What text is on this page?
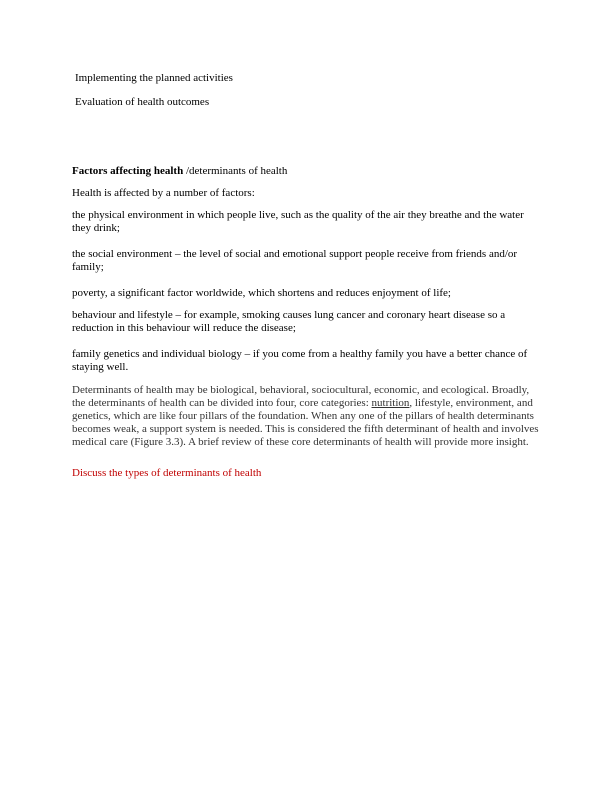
Implementing the planned activities

Evaluation of health outcomes

Factors affecting health /determinants of health

Health is affected by a number of factors:

the physical environment in which people live, such as the quality of the air they breathe and the water they drink;

the social environment – the level of social and emotional support people receive from friends and/or family;

poverty, a significant factor worldwide, which shortens and reduces enjoyment of life;

behaviour and lifestyle – for example, smoking causes lung cancer and coronary heart disease so a reduction in this behaviour will reduce the disease;

family genetics and individual biology – if you come from a healthy family you have a better chance of staying well.

Determinants of health may be biological, behavioral, sociocultural, economic, and ecological. Broadly, the determinants of health can be divided into four, core categories: nutrition, lifestyle, environment, and genetics, which are like four pillars of the foundation. When any one of the pillars of health determinants becomes weak, a support system is needed. This is considered the fifth determinant of health and involves medical care (Figure 3.3). A brief review of these core determinants of health will provide more insight.

Discuss the types of determinants of health
